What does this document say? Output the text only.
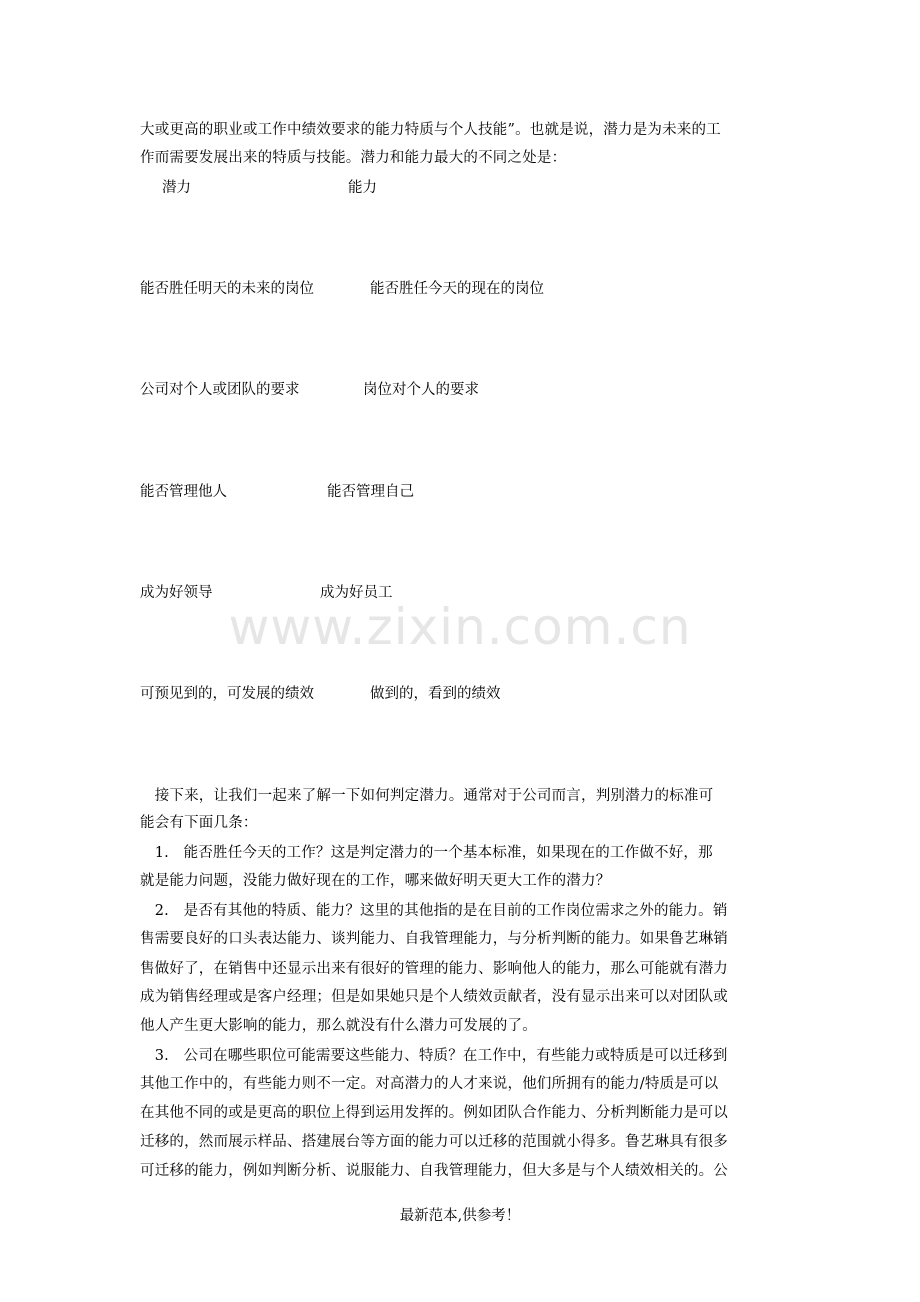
大或更高的职业或工作中绩效要求的能力特质与个人技能”。也就是说，潜力是为未来的工
作而需要发展出来的特质与技能。潜力和能力最大的不同之处是：
潜力	能力
能否胜任明天的未来的岗位	能否胜任今天的现在的岗位
公司对个人或团队的要求	岗位对个人的要求
能否管理他人	能否管理自己
成为好领导	成为好员工
www.zixin.com.cn
可预见到的，可发展的绩效	做到的，看到的绩效
　接下来，让我们一起来了解一下如何判定潜力。通常对于公司而言，判别潜力的标准可
能会有下面几条：
　1.　能否胜任今天的工作？这是判定潜力的一个基本标准，如果现在的工作做不好，那
就是能力问题，没能力做好现在的工作，哪来做好明天更大工作的潜力？
　2.　是否有其他的特质、能力？这里的其他指的是在目前的工作岗位需求之外的能力。销
售需要良好的口头表达能力、谈判能力、自我管理能力，与分析判断的能力。如果鲁艺琳销
售做好了，在销售中还显示出来有很好的管理的能力、影响他人的能力，那么可能就有潜力
成为销售经理或是客户经理；但是如果她只是个人绩效贡献者，没有显示出来可以对团队或
他人产生更大影响的能力，那么就没有什么潜力可发展的了。
　3.　公司在哪些职位可能需要这些能力、特质？在工作中，有些能力或特质是可以迁移到
其他工作中的，有些能力则不一定。对高潜力的人才来说，他们所拥有的能力/特质是可以
在其他不同的或是更高的职位上得到运用发挥的。例如团队合作能力、分析判断能力是可以
迁移的，然而展示样品、搭建展台等方面的能力可以迁移的范围就小得多。鲁艺琳具有很多
可迁移的能力，例如判断分析、说服能力、自我管理能力，但大多是与个人绩效相关的。公
最新范本,供参考！
